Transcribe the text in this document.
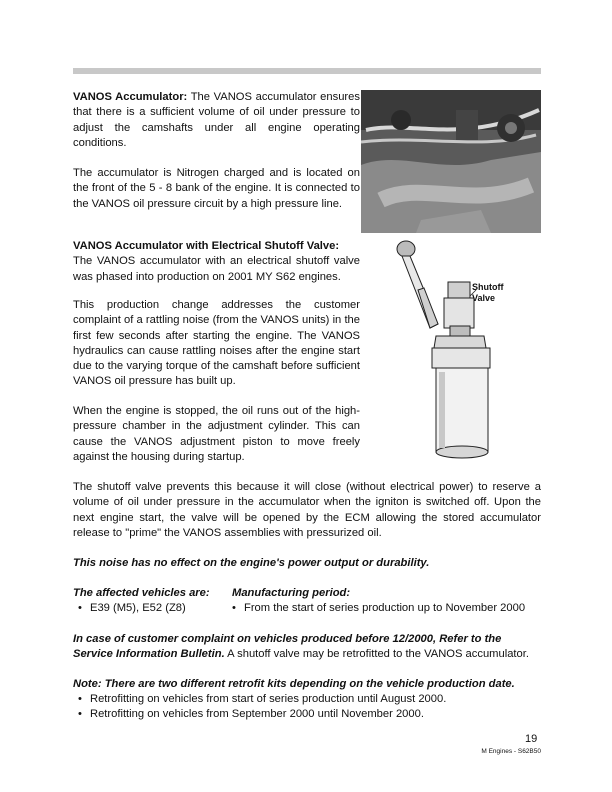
VANOS Accumulator: The VANOS accumulator ensures that there is a sufficient volume of oil under pressure to adjust the camshafts under all engine operating conditions.
The accumulator is Nitrogen charged and is located on the front of the 5 - 8 bank of the engine. It is connected to the VANOS oil pressure circuit by a high pressure line.
VANOS Accumulator with Electrical Shutoff Valve:
The VANOS accumulator with an electrical shutoff valve was phased into production on 2001 MY S62 engines.
This production change addresses the customer complaint of a rattling noise (from the VANOS units) in the first few seconds after starting the engine. The VANOS hydraulics can cause rattling noises after the engine start due to the varying torque of the camshaft before sufficient VANOS oil pressure has built up.
When the engine is stopped, the oil runs out of the high-pressure chamber in the adjustment cylinder. This can cause the VANOS adjustment piston to move freely against the housing during startup.
Shutoff
Valve
The shutoff valve prevents this because it will close (without electrical power) to reserve a volume of oil under pressure in the accumulator when the igniton is switched off. Upon the next engine start, the valve will be opened by the ECM allowing the stored accumulator release to "prime" the VANOS assemblies with pressurized oil.
This noise has no effect on the engine's power output or durability.
The affected vehicles are: Manufacturing period:
• E39 (M5), E52 (Z8)	• From the start of series production up to November 2000
In case of customer complaint on vehicles produced before 12/2000, Refer to the Service Information Bulletin. A shutoff valve may be retrofitted to the VANOS accumulator.
Note: There are two different retrofit kits depending on the vehicle production date.
• Retrofitting on vehicles from start of series production until August 2000.
• Retrofitting on vehicles from September 2000 until November 2000.
19
M Engines - S62B50
